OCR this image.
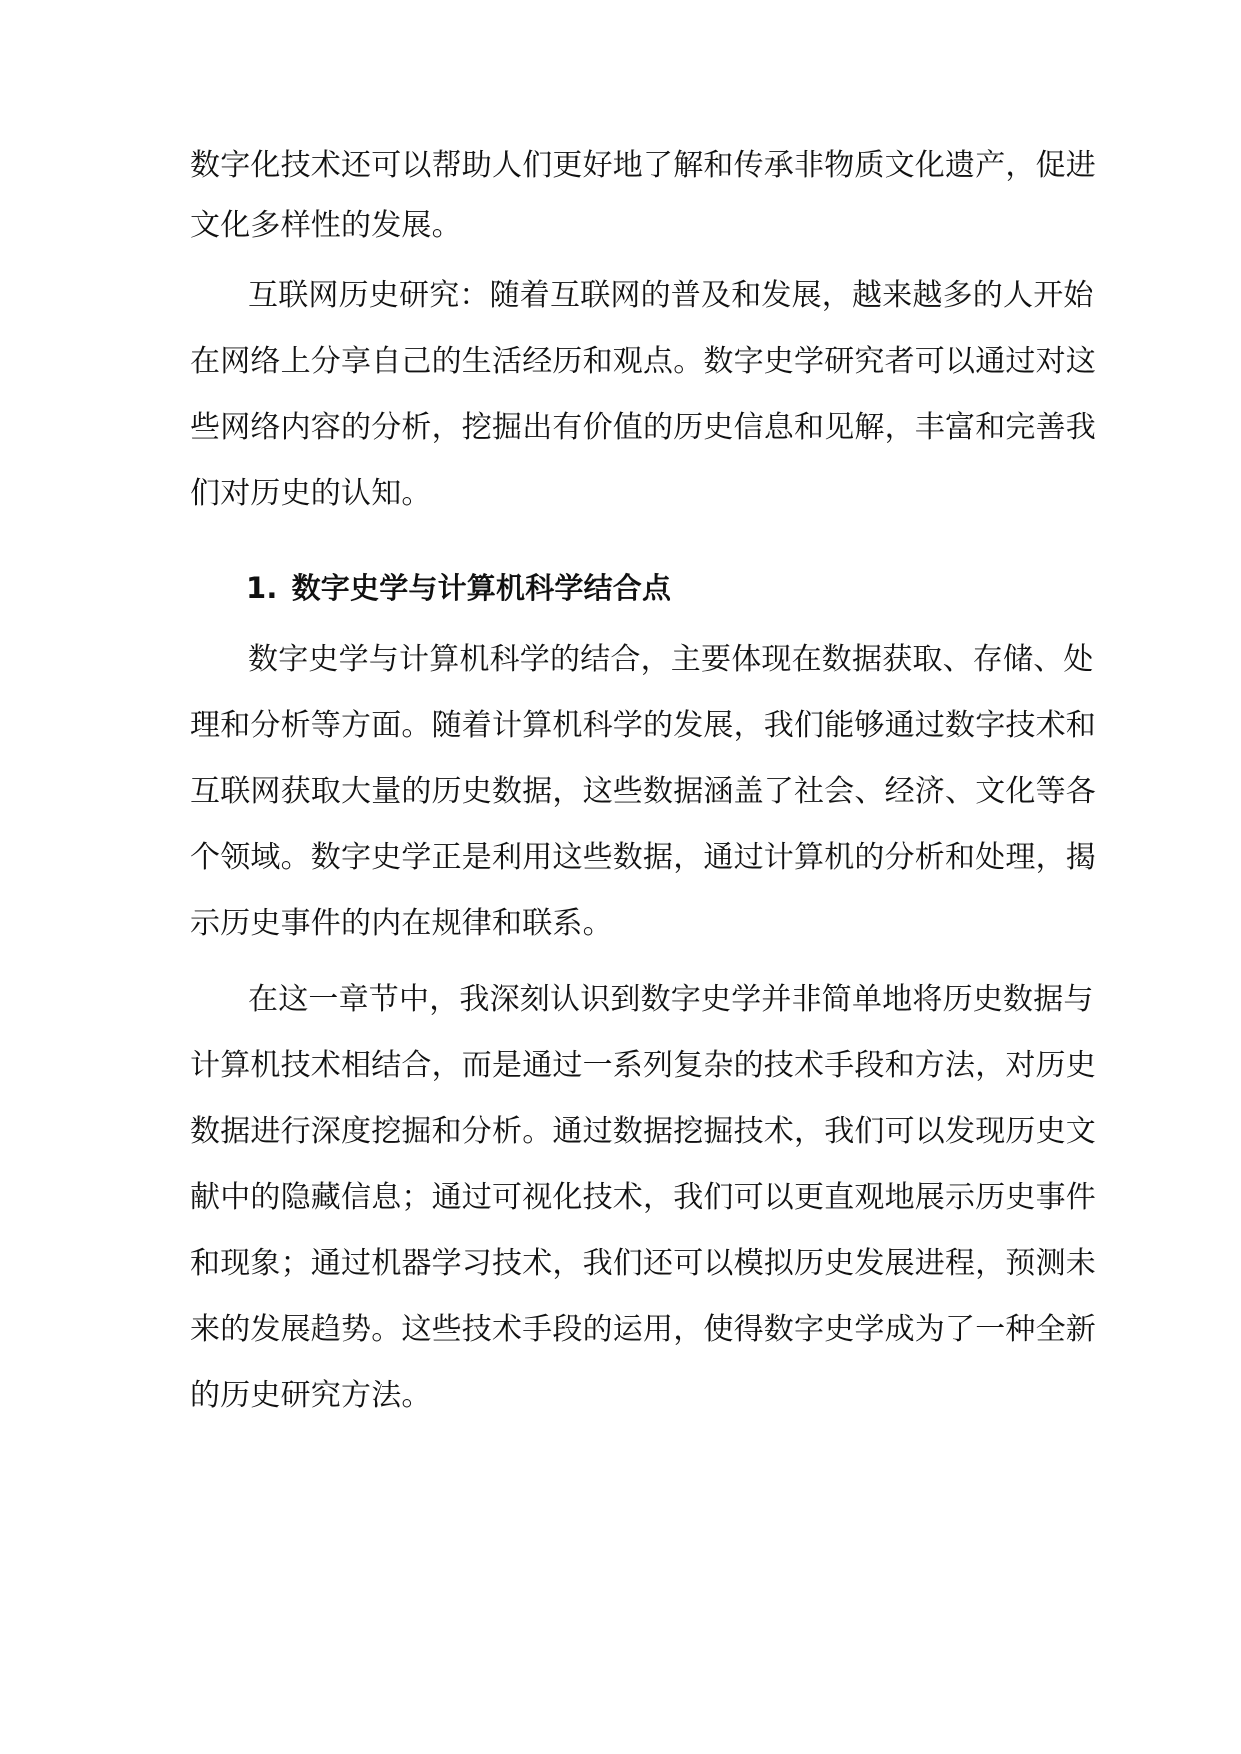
数字化技术还可以帮助人们更好地了解和传承非物质文化遗产，促进
文化多样性的发展。
互联网历史研究：随着互联网的普及和发展，越来越多的人开始
在网络上分享自己的生活经历和观点。数字史学研究者可以通过对这
些网络内容的分析，挖掘出有价值的历史信息和见解，丰富和完善我
们对历史的认知。
1. 数字史学与计算机科学结合点
数字史学与计算机科学的结合，主要体现在数据获取、存储、处
理和分析等方面。随着计算机科学的发展，我们能够通过数字技术和
互联网获取大量的历史数据，这些数据涵盖了社会、经济、文化等各
个领域。数字史学正是利用这些数据，通过计算机的分析和处理，揭
示历史事件的内在规律和联系。
在这一章节中，我深刻认识到数字史学并非简单地将历史数据与
计算机技术相结合，而是通过一系列复杂的技术手段和方法，对历史
数据进行深度挖掘和分析。通过数据挖掘技术，我们可以发现历史文
献中的隐藏信息；通过可视化技术，我们可以更直观地展示历史事件
和现象；通过机器学习技术，我们还可以模拟历史发展进程，预测未
来的发展趋势。这些技术手段的运用，使得数字史学成为了一种全新
的历史研究方法。
